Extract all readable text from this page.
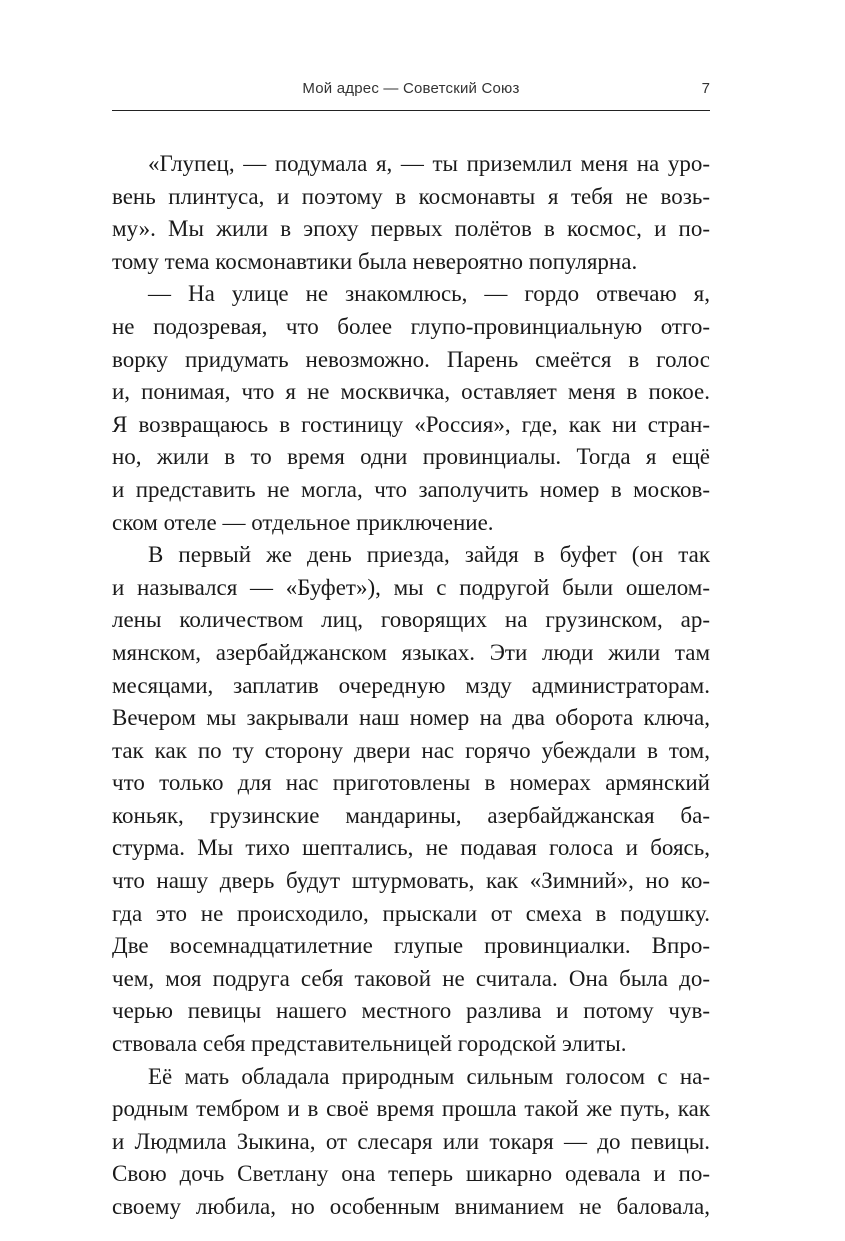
Мой адрес — Советский Союз	7
«Глупец, — подумала я, — ты приземлил меня на уро-
вень плинтуса, и поэтому в космонавты я тебя не возь-
му». Мы жили в эпоху первых полётов в космос, и по-
тому тема космонавтики была невероятно популярна.
— На улице не знакомлюсь, — гордо отвечаю я,
не подозревая, что более глупо-провинциальную отго-
ворку придумать невозможно. Парень смеётся в голос
и, понимая, что я не москвичка, оставляет меня в покое.
Я возвращаюсь в гостиницу «Россия», где, как ни стран-
но, жили в то время одни провинциалы. Тогда я ещё
и представить не могла, что заполучить номер в москов-
ском отеле — отдельное приключение.
В первый же день приезда, зайдя в буфет (он так
и назывался — «Буфет»), мы с подругой были ошелом-
лены количеством лиц, говорящих на грузинском, ар-
мянском, азербайджанском языках. Эти люди жили там
месяцами, заплатив очередную мзду администраторам.
Вечером мы закрывали наш номер на два оборота ключа,
так как по ту сторону двери нас горячо убеждали в том,
что только для нас приготовлены в номерах армянский
коньяк, грузинские мандарины, азербайджанская ба-
стурма. Мы тихо шептались, не подавая голоса и боясь,
что нашу дверь будут штурмовать, как «Зимний», но ко-
гда это не происходило, прыскали от смеха в подушку.
Две восемнадцатилетние глупые провинциалки. Впро-
чем, моя подруга себя таковой не считала. Она была до-
черью певицы нашего местного разлива и потому чув-
ствовала себя представительницей городской элиты.
Её мать обладала природным сильным голосом с на-
родным тембром и в своё время прошла такой же путь, как
и Людмила Зыкина, от слесаря или токаря — до певицы.
Свою дочь Светлану она теперь шикарно одевала и по-
своему любила, но особенным вниманием не баловала,
